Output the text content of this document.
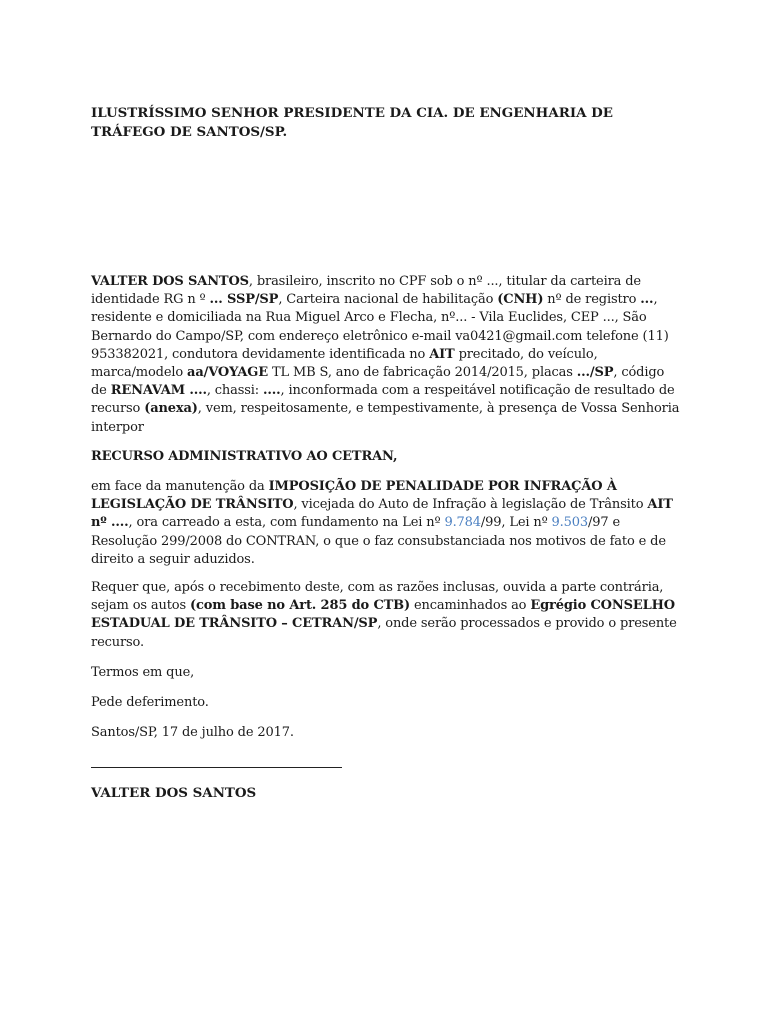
ILUSTRÍSSIMO SENHOR PRESIDENTE DA CIA. DE ENGENHARIA DE TRÁFEGO DE SANTOS/SP.
VALTER DOS SANTOS, brasileiro, inscrito no CPF sob o nº ..., titular da carteira de identidade RG n º ... SSP/SP, Carteira nacional de habilitação (CNH) nº de registro ..., residente e domiciliada na Rua Miguel Arco e Flecha, nº... - Vila Euclides, CEP ..., São Bernardo do Campo/SP, com endereço eletrônico e-mail va0421@gmail.com telefone (11) 953382021, condutora devidamente identificada no AIT precitado, do veículo, marca/modelo aa/VOYAGE TL MB S, ano de fabricação 2014/2015, placas .../SP, código de RENAVAM ...., chassi: ...., inconformada com a respeitável notificação de resultado de recurso (anexa), vem, respeitosamente, e tempestivamente, à presença de Vossa Senhoria interpor
RECURSO ADMINISTRATIVO AO CETRAN,
em face da manutenção da IMPOSIÇÃO DE PENALIDADE POR INFRAÇÃO À LEGISLAÇÃO DE TRÂNSITO, vicejada do Auto de Infração à legislação de Trânsito AIT nº ...., ora carreado a esta, com fundamento na Lei nº 9.784/99, Lei nº 9.503/97 e Resolução 299/2008 do CONTRAN, o que o faz consubstanciada nos motivos de fato e de direito a seguir aduzidos.
Requer que, após o recebimento deste, com as razões inclusas, ouvida a parte contrária, sejam os autos (com base no Art. 285 do CTB) encaminhados ao Egrégio CONSELHO ESTADUAL DE TRÂNSITO – CETRAN/SP, onde serão processados e provido o presente recurso.
Termos em que,
Pede deferimento.
Santos/SP, 17 de julho de 2017.
VALTER DOS SANTOS
